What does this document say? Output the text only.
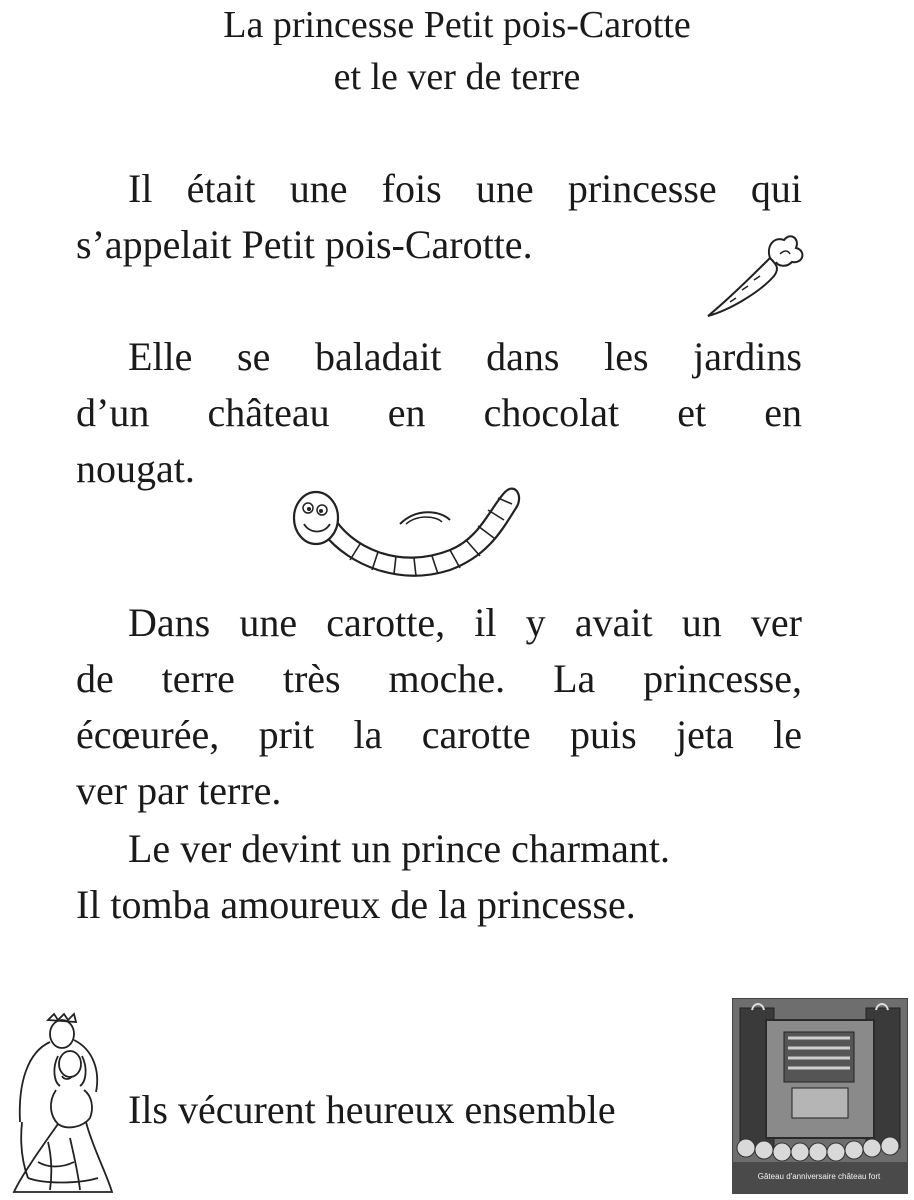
La princesse Petit pois-Carotte
et le ver de terre
Il était une fois une princesse qui
s’appelait Petit pois-Carotte.
Elle se baladait dans les jardins
d’un château en chocolat et en
nougat.
Dans une carotte, il y avait un ver
de terre très moche. La princesse,
écœurée, prit la carotte puis jeta le
ver par terre.
Le ver devint un prince charmant.
Il tomba amoureux de la princesse.
Ils vécurent heureux ensemble
Gâteau d'anniversaire château fort
